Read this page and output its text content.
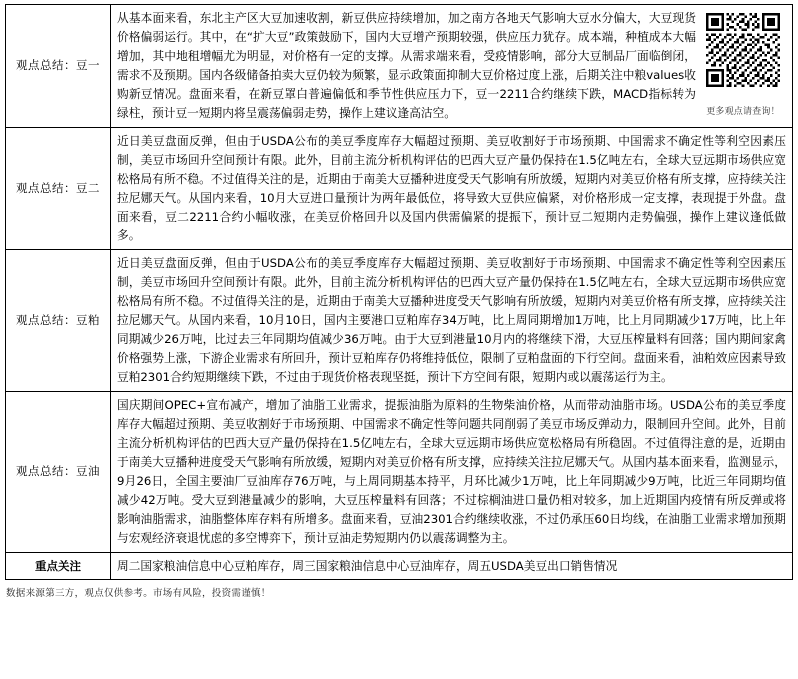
观点总结：豆一	从基本面来看，东北主产区大豆加速收割，新豆供应持续增加，加之南方各地天气影响大豆水分偏大，大豆现货价格偏弱运行。其中，在“扩大豆”政策鼓励下，国内大豆增产预期较强，供应压力犹存。成本端，种植成本大幅增加，其中地租增幅尤为明显，对价格有一定的支撑。从需求端来看，受疫情影响，部分大豆制品厂面临倒闭，需求不及预期。国内各级储备拍卖大豆仍较为频繁，显示政策面抑制大豆价格过度上涨，后期关注中粮values收购新豆情况。盘面来看，在新豆罩白普遍偏低和季节性供应压力下，豆一2211合约继续下跌，MACD指标转为绿柱，预计豆一短期内将呈震荡偏弱走势，操作上建议逢高沽空。 更多观点请查询！

观点总结：豆二	近日美豆盘面反弹，但由于USDA公布的美豆季度库存大幅超过预期、美豆收割好于市场预期、中国需求不确定性等利空因素压制，美豆市场回升空间预计有限。此外，目前主流分析机构评估的巴西大豆产量仍保持在1.5亿吨左右，全球大豆远期市场供应宽松格局有所不稳。不过值得关注的是，近期由于南美大豆播种进度受天气影响有所放缓，短期内对美豆价格有所支撑，应持续关注拉尼娜天气。从国内来看，10月大豆进口量预计为两年最低位，将导致大豆供应偏紧，对价格形成一定支撑，表现提于外盘。盘面来看，豆二2211合约小幅收涨，在美豆价格回升以及国内供需偏紧的提振下，预计豆二短期内走势偏强，操作上建议逢低做多。

观点总结：豆粕	近日美豆盘面反弹，但由于USDA公布的美豆季度库存大幅超过预期、美豆收割好于市场预期、中国需求不确定性等利空因素压制，美豆市场回升空间预计有限。此外，目前主流分析机构评估的巴西大豆产量仍保持在1.5亿吨左右，全球大豆远期市场供应宽松格局有所不稳。不过值得关注的是，近期由于南美大豆播种进度受天气影响有所放缓，短期内对美豆价格有所支撑，应持续关注拉尼娜天气。从国内来看，10月10日，国内主要港口豆粕库存34万吨，比上周同期增加1万吨，比上月同期减少17万吨，比上年同期减少26万吨，比过去三年同期均值减少36万吨。由于大豆到港量10月内的将继续下滑，大豆压榨量料有回落；国内期间家禽价格强势上涨，下游企业需求有所回升，预计豆粕库存仍将维持低位，限制了豆粕盘面的下行空间。盘面来看，油粕效应因素导致豆粕2301合约短期继续下跌，不过由于现货价格表现坚挺，预计下方空间有限，短期内或以震荡运行为主。

观点总结：豆油	国庆期间OPEC+宣布减产，增加了油脂工业需求，提振油脂为原料的生物柴油价格，从而带动油脂市场。USDA公布的美豆季度库存大幅超过预期、美豆收割好于市场预期、中国需求不确定性等问题共同削弱了美豆市场反弹动力，限制回升空间。此外，目前主流分析机构评估的巴西大豆产量仍保持在1.5亿吨左右，全球大豆远期市场供应宽松格局有所稳固。不过值得注意的是，近期由于南美大豆播种进度受天气影响有所放缓，短期内对美豆价格有所支撑，应持续关注拉尼娜天气。从国内基本面来看，监测显示，9月26日，全国主要油厂豆油库存76万吨，与上周同期基本持平，月环比减少1万吨，比上年同期减少9万吨，比近三年同期均值减少42万吨。受大豆到港量减少的影响，大豆压榨量料有回落；不过棕榈油进口量仍相对较多，加上近期国内疫情有所反弹或将影响油脂需求，油脂整体库存料有所增多。盘面来看，豆油2301合约继续收涨，不过仍承压60日均线，在油脂工业需求增加预期与宏观经济衰退忧虑的多空博弈下，预计豆油走势短期内仍以震荡调整为主。

重点关注	周二国家粮油信息中心豆粕库存，周三国家粮油信息中心豆油库存，周五USDA美豆出口销售情况
数据来源第三方，观点仅供参考。市场有风险，投资需谨慎！
